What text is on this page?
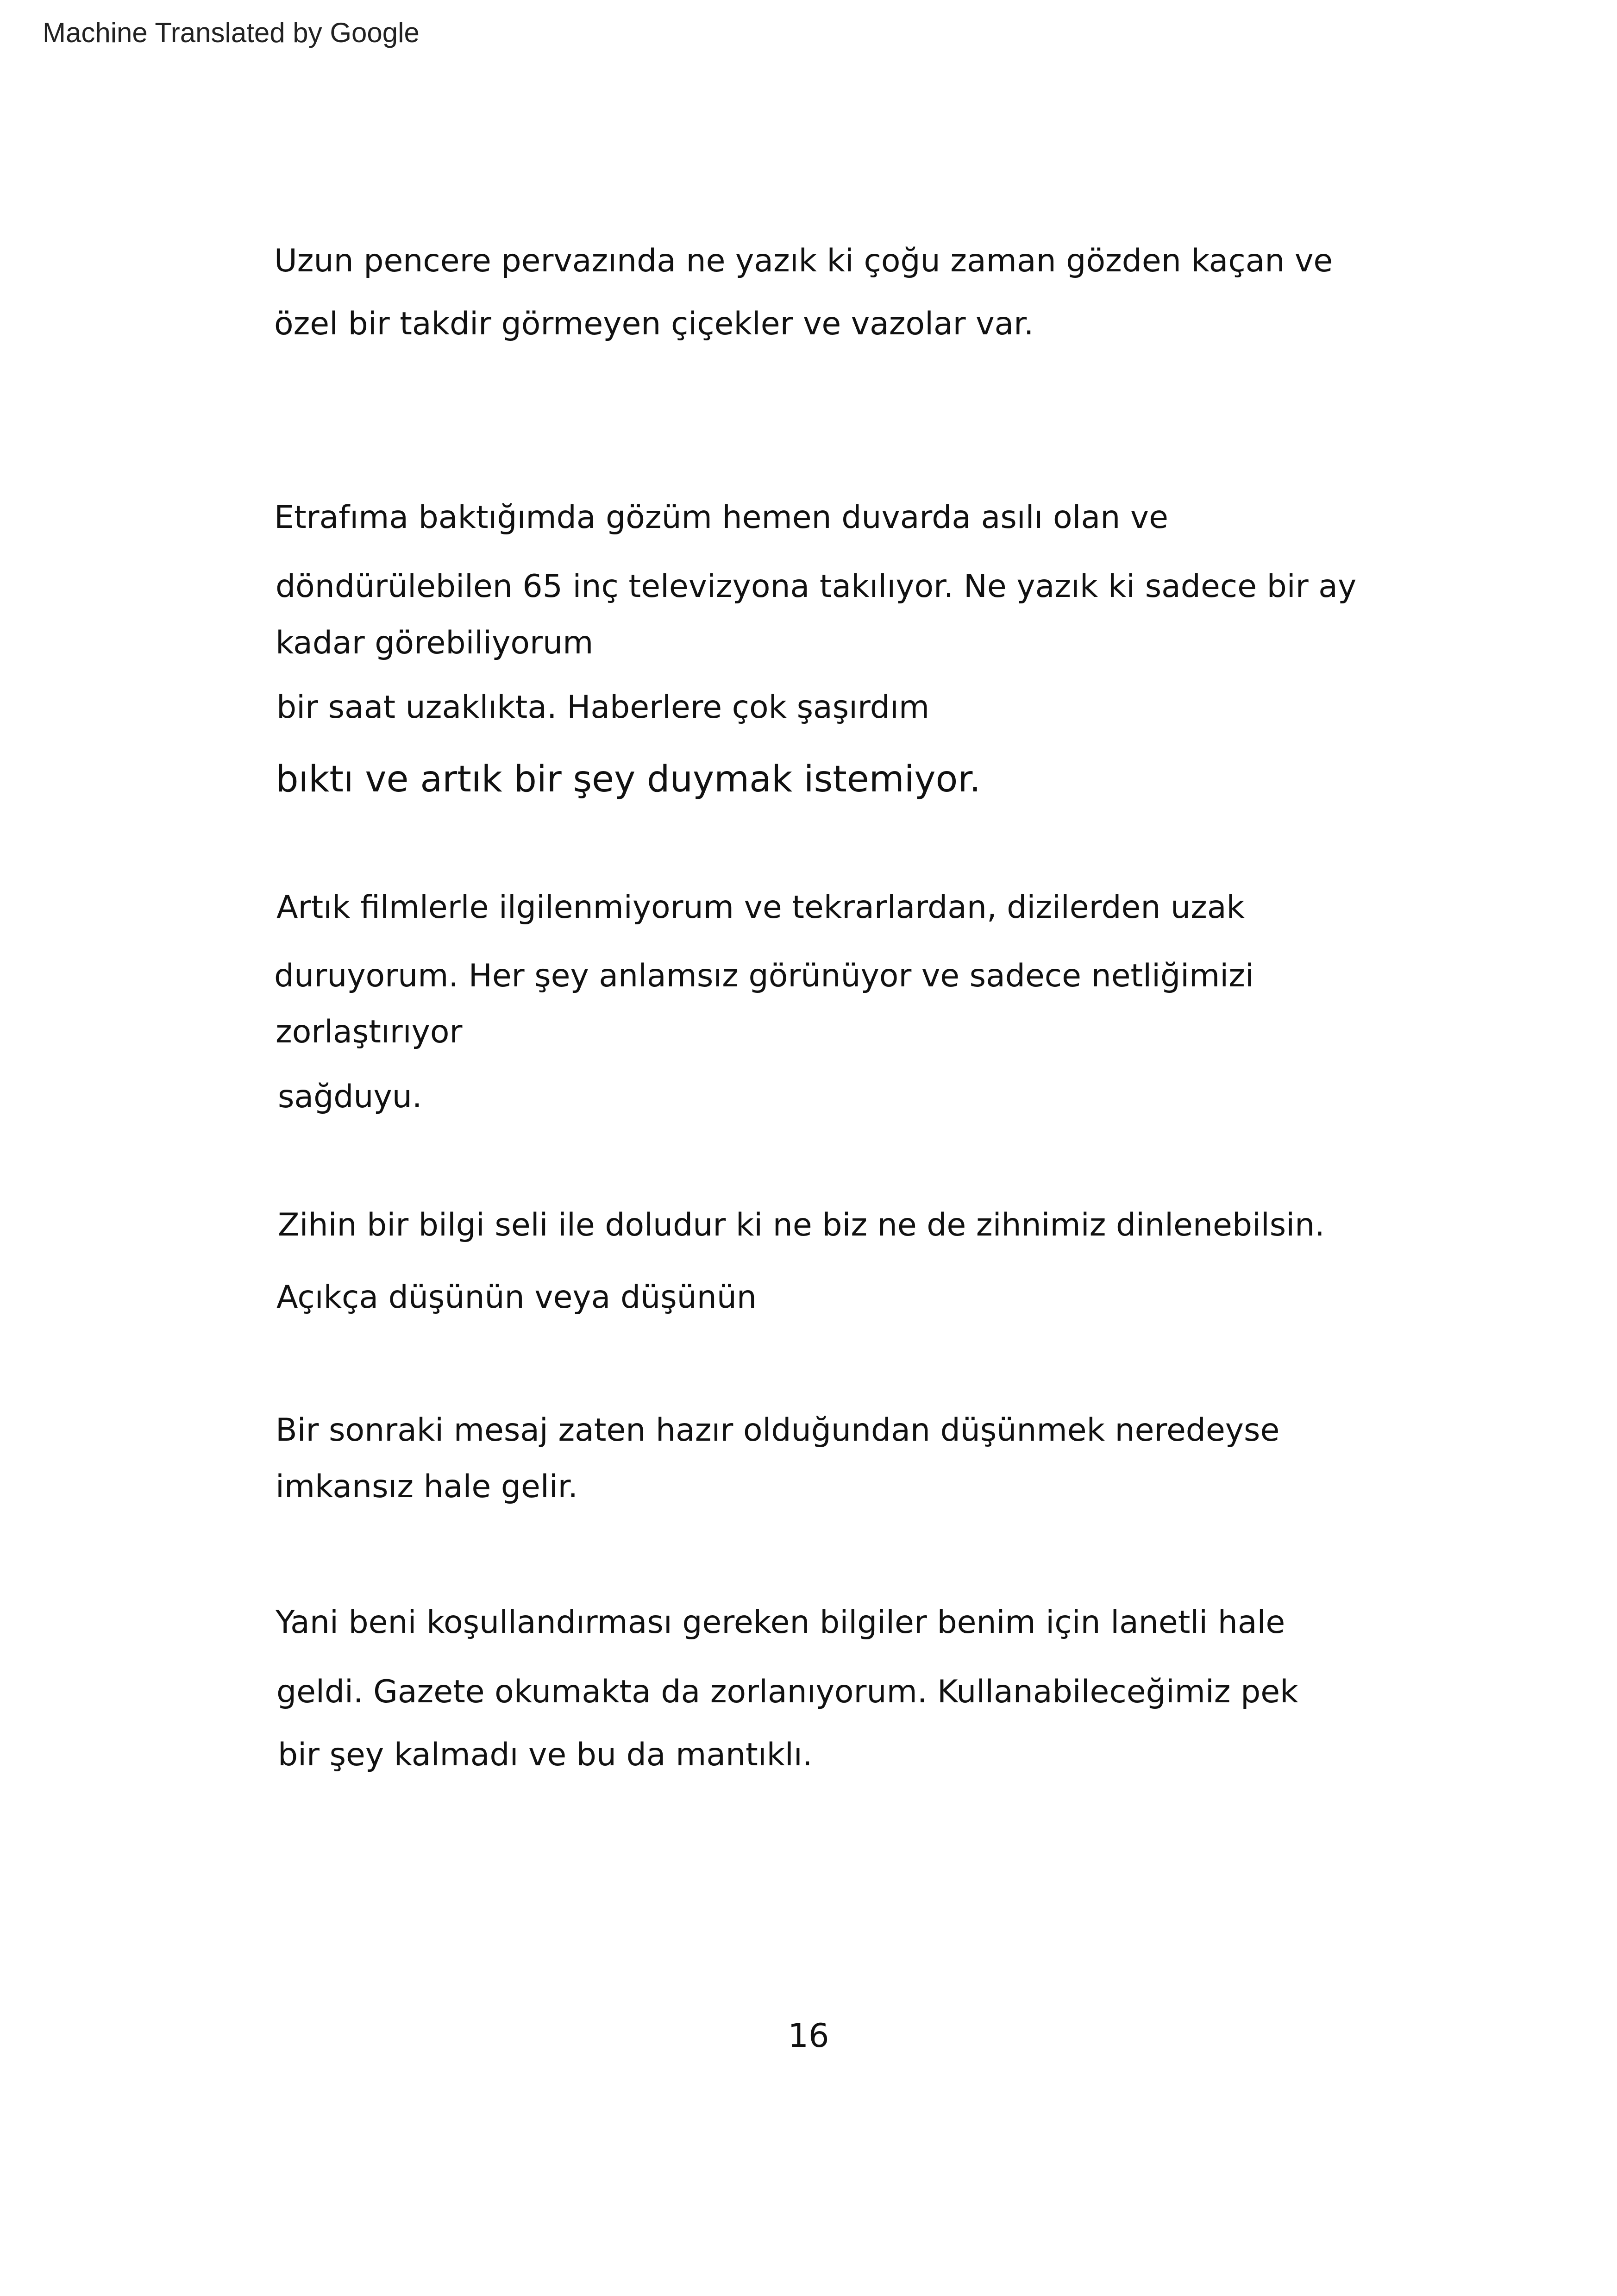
Machine Translated by Google
Uzun pencere pervazında ne yazık ki çoğu zaman gözden kaçan ve
özel bir takdir görmeyen çiçekler ve vazolar var.
Etrafıma baktığımda gözüm hemen duvarda asılı olan ve
döndürülebilen 65 inç televizyona takılıyor. Ne yazık ki sadece bir ay
kadar görebiliyorum
bir saat uzaklıkta. Haberlere çok şaşırdım
bıktı ve artık bir şey duymak istemiyor.
Artık filmlerle ilgilenmiyorum ve tekrarlardan, dizilerden uzak
duruyorum. Her şey anlamsız görünüyor ve sadece netliğimizi
zorlaştırıyor
sağduyu.
Zihin bir bilgi seli ile doludur ki ne biz ne de zihnimiz dinlenebilsin.
Açıkça düşünün veya düşünün
Bir sonraki mesaj zaten hazır olduğundan düşünmek neredeyse
imkansız hale gelir.
Yani beni koşullandırması gereken bilgiler benim için lanetli hale
geldi. Gazete okumakta da zorlanıyorum. Kullanabileceğimiz pek
bir şey kalmadı ve bu da mantıklı.
16
